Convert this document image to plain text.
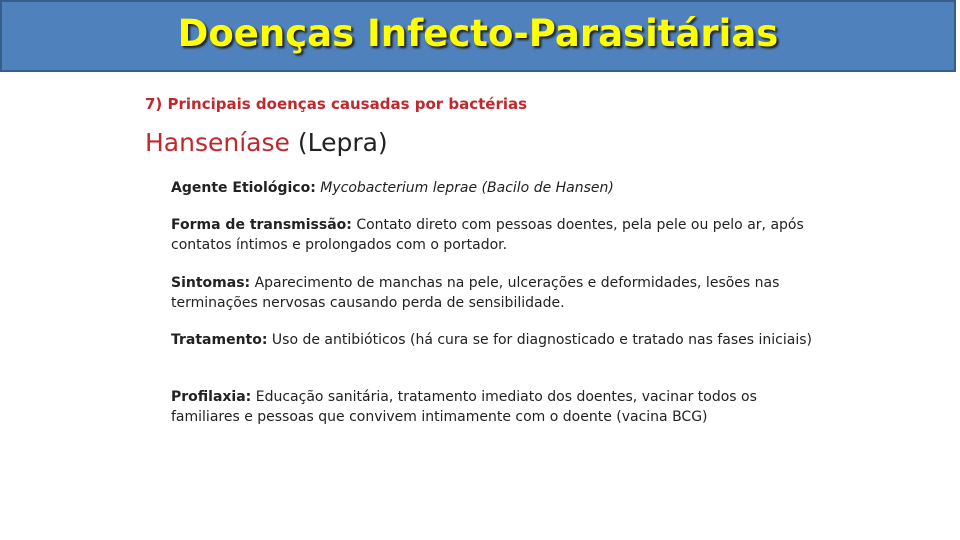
Doenças Infecto-Parasitárias
7) Principais doenças causadas por bactérias
Hanseníase (Lepra)

Agente Etiológico: Mycobacterium leprae (Bacilo de Hansen)

Forma de transmissão: Contato direto com pessoas doentes, pela pele ou pelo ar, após contatos íntimos e prolongados com o portador.

Sintomas: Aparecimento de manchas na pele, ulcerações e deformidades, lesões nas terminações nervosas causando perda de sensibilidade.

Tratamento: Uso de antibióticos (há cura se for diagnosticado e tratado nas fases iniciais)

Profilaxia: Educação sanitária, tratamento imediato dos doentes, vacinar todos os familiares e pessoas que convivem intimamente com o doente (vacina BCG)
